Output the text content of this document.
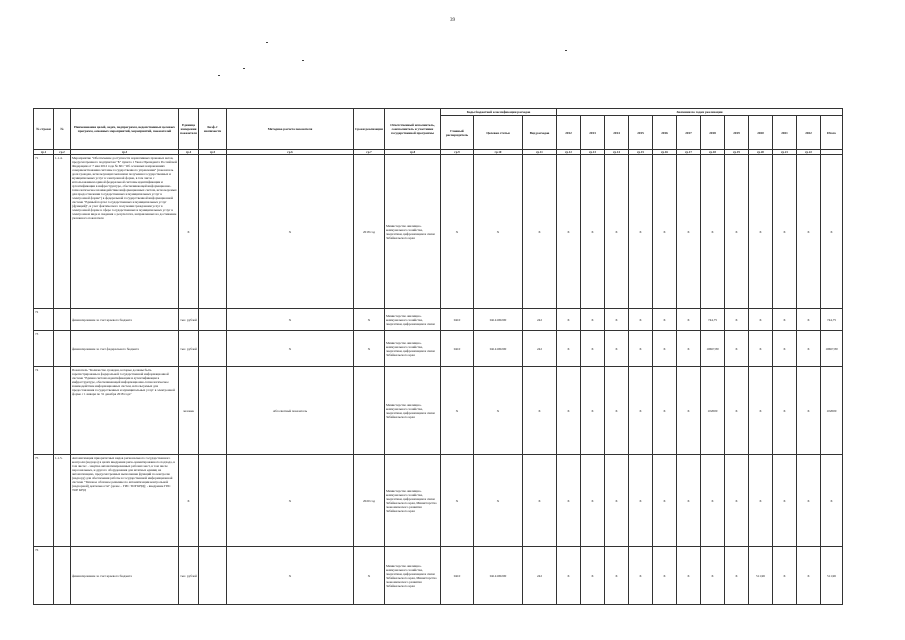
39
№ строки	№	Наименование целей, задач, подпрограмм, ведомственных целевых программ, основных мероприятий, мероприятий, показателей	Единица измерения показателя	Коэф-т значимости	Методика расчета показателя	Сроки реализации	Ответственный исполнитель, соисполнитель и участники государственной программы	Коды бюджетной классификации расходов			Значения по годам реализации											
								Главный распорядитель	Целевая статья	Вид расходов	2012	2013	2014	2015	2016	2017	2018	2019	2020	2021	2022	Итого
гр.1	гр.2	гр.3	гр.4	гр.5	гр.6	гр.7	гр.8	гр.9	гр.10	гр.11	гр.12	гр.13	гр.14	гр.15	гр.16	гр.17	гр.18	гр.19	гр.20	гр.21	гр.22	
71	1.1.4.	Мероприятие "Обеспечение доступности нормативных правовых актов, предусмотренного подпунктом "Б" пункта 1 Указа Президента Российской Федерации от 7 мая 2012 года № 601 "Об основных направлениях совершенствования системы государственного управления" (показатель доля граждан, использующих механизм получения государственных и муниципальных услуг в электронной форме, в том числе с использованием единой федеральной системы идентификации и аутентификации в инфраструктуре, обеспечивающей информационно-технологическое взаимодействие информационных систем, используемых для предоставления государственных и муниципальных услуг в электронной форме") в федеральной государственной информационной системе "Единый портал государственных и муниципальных услуг (функций)", и учет фактического получения гражданами услуг в электронной форме в сфере государственных и муниципальных услуг в электронном виде и сведения о результатах, направленных на достижение указанного показателя	X		X	2018 год	Министерство жилищно-коммунального хозяйства, энергетики, цифровизации и связи Забайкальского края	X	X	X	X	X	X	X	X	X	X	X	X	X	X	X
72		финансирование за счет краевого бюджета	тыс. рублей		X	X	Министерство жилищно-коммунального хозяйства, энергетики, цифровизации и связи	0410	0414100200	242	X	X	X	X	X	X	744,75	X	X	X	X	744,75
73		финансирование за счет федерального бюджета	тыс. рублей		X	X	Министерство жилищно-коммунального хозяйства, энергетики, цифровизации и связи Забайкальского края	0410	0414100200	242	X	X	X	X	X	X	10667,80	X	X	X	X	10667,80
74		Показатель "Количество граждан, которые должны быть зарегистрированы в федеральной государственной информационной системе "Единая система идентификации и аутентификации в инфраструктуре, обеспечивающей информационно-технологическое взаимодействие информационных систем, используемых для предоставления государственных и муниципальных услуг в электронной форме с 1 января по 31 декабря 2018 года"	человек		Абсолютный показатель		Министерство жилищно-коммунального хозяйства, энергетики, цифровизации и связи Забайкальского края	X	X	X	X	X	X	X	X	X	102000	X	X	X	X	102000
75	1.1.5.	Автоматизация приоритетных видов регионального государственного контроля (надзора) в целях внедрения риск-ориентированного подхода, в том числе: - закупка автоматизированных рабочих мест, в том числе персональных, и другого оборудования для штатных единиц на автоматизацию, предусмотренных выполнение функций по контролю (надзору) для обеспечения работы в государственной информационной системе "Типовое облачное решение по автоматизации контрольной (надзорной) деятельности" (далее – ГИС ТОР КНД); - внедрение ГИС ТОР КНД	X		X	2020 год	Министерство жилищно-коммунального хозяйства, энергетики, цифровизации и связи Забайкальского края, Министерство экономического развития Забайкальского края	X	X	X	X	X	X	X	X	X	X	X	X	X	X	X
76		финансирование за счет краевого бюджета	тыс. рублей		X	X	Министерство жилищно-коммунального хозяйства, энергетики, цифровизации и связи Забайкальского края, Министерство экономического развития Забайкальского края	0410	0414100200	242	X	X	X	X	X	X	X	X	511,96	X	X	511,96
